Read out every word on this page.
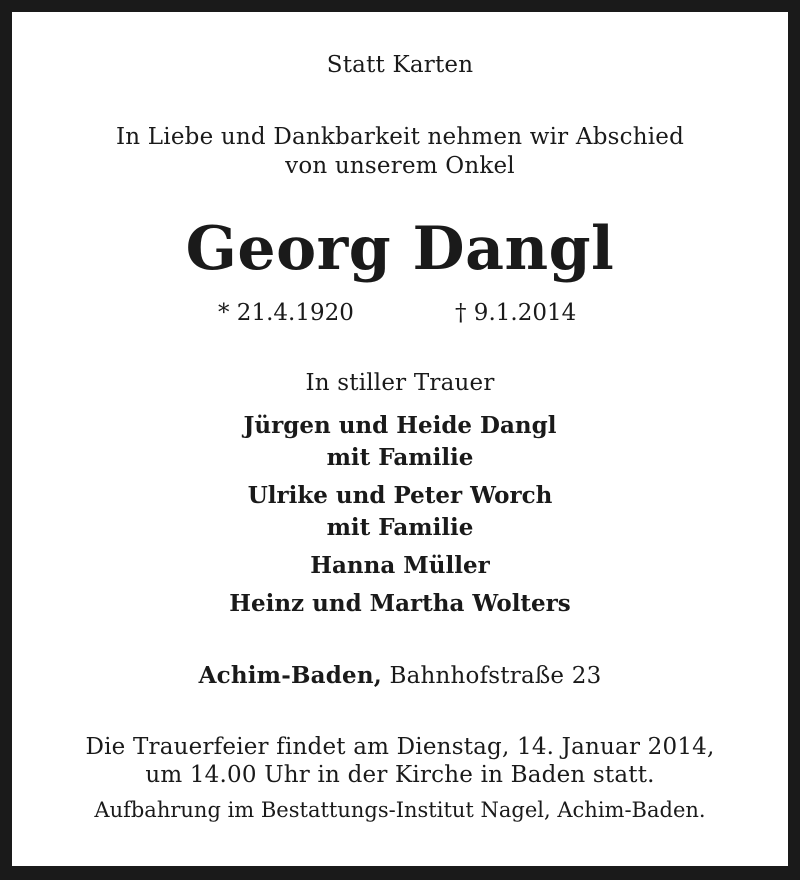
Statt Karten
In Liebe und Dankbarkeit nehmen wir Abschied
von unserem Onkel
Georg Dangl
* 21.4.1920	† 9.1.2014
In stiller Trauer
Jürgen und Heide Dangl
mit Familie
Ulrike und Peter Worch
mit Familie
Hanna Müller
Heinz und Martha Wolters
Achim-Baden, Bahnhofstraße 23
Die Trauerfeier findet am Dienstag, 14. Januar 2014,
um 14.00 Uhr in der Kirche in Baden statt.
Aufbahrung im Bestattungs-Institut Nagel, Achim-Baden.
